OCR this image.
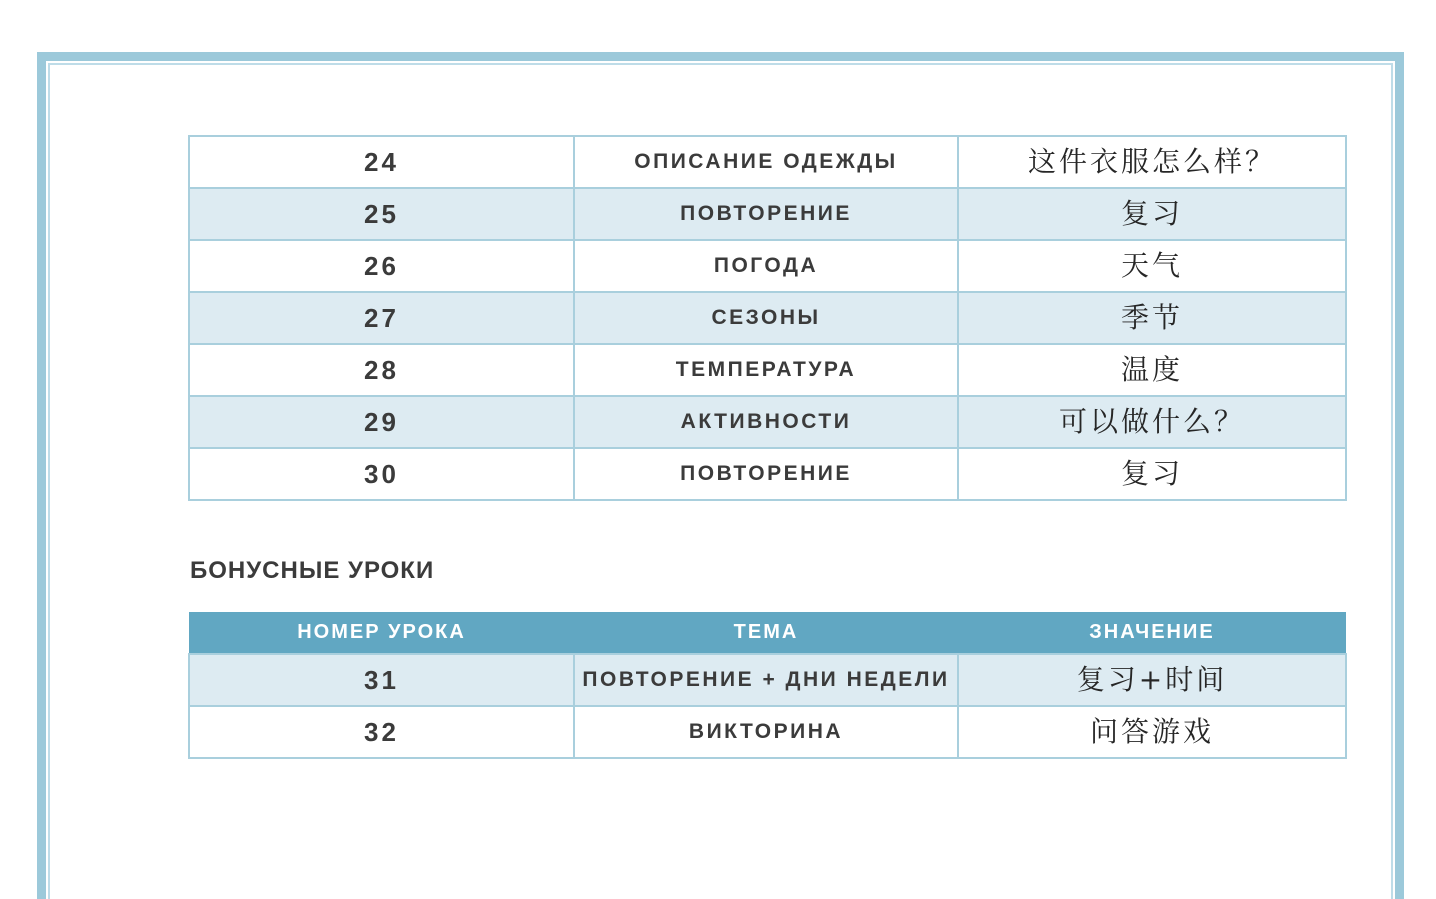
24	ОПИСАНИЕ ОДЕЖДЫ	这件衣服怎么样？
25	ПОВТОРЕНИЕ	复习
26	ПОГОДА	天气
27	СЕЗОНЫ	季节
28	ТЕМПЕРАТУРА	温度
29	АКТИВНОСТИ	可以做什么？
30	ПОВТОРЕНИЕ	复习
БОНУСНЫЕ УРОКИ
НОМЕР УРОКА	ТЕМА	ЗНАЧЕНИЕ
31	ПОВТОРЕНИЕ + ДНИ НЕДЕЛИ	复习+时间
32	ВИКТОРИНА	问答游戏
